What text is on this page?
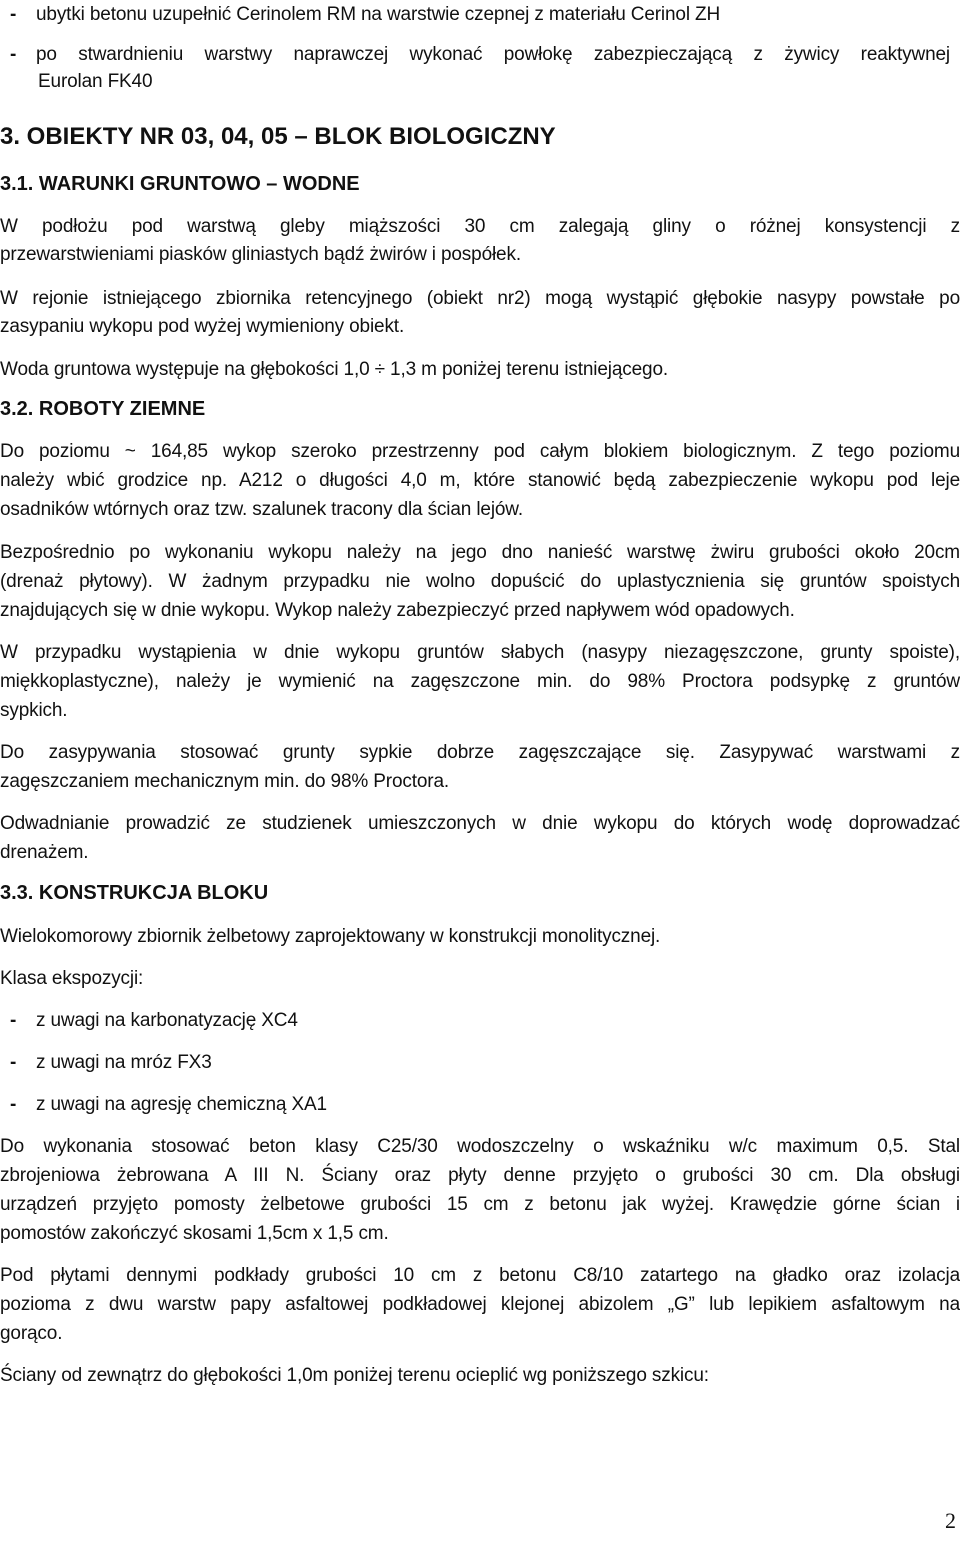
- ubytki betonu uzupełnić Cerinolem RM na warstwie czepnej z materiału Cerinol ZH
- po stwardnieniu warstwy naprawczej wykonać powłokę zabezpieczającą z żywicy reaktywnej
Eurolan FK40
3. OBIEKTY NR 03, 04, 05 – BLOK BIOLOGICZNY
3.1. WARUNKI GRUNTOWO – WODNE
W podłożu pod warstwą gleby miąższości 30 cm zalegają gliny o różnej konsystencji z
przewarstwieniami piasków gliniastych bądź żwirów i pospółek.
W rejonie istniejącego zbiornika retencyjnego (obiekt nr2) mogą wystąpić głębokie nasypy powstałe po
zasypaniu wykopu pod wyżej wymieniony obiekt.
Woda gruntowa występuje na głębokości 1,0 ÷ 1,3 m poniżej terenu istniejącego.
3.2. ROBOTY ZIEMNE
Do poziomu ~ 164,85 wykop szeroko przestrzenny pod całym blokiem biologicznym. Z tego poziomu
należy wbić grodzice np. A212 o długości 4,0 m, które stanowić będą zabezpieczenie wykopu pod leje
osadników wtórnych oraz tzw. szalunek tracony dla ścian lejów.
Bezpośrednio po wykonaniu wykopu należy na jego dno nanieść warstwę żwiru grubości około 20cm
(drenaż płytowy). W żadnym przypadku nie wolno dopuścić do uplastycznienia się gruntów spoistych
znajdujących się w dnie wykopu. Wykop należy zabezpieczyć przed napływem wód opadowych.
W przypadku wystąpienia w dnie wykopu gruntów słabych (nasypy niezagęszczone, grunty spoiste),
miękkoplastyczne), należy je wymienić na zagęszczone min. do 98% Proctora podsypkę z gruntów
sypkich.
Do zasypywania stosować grunty sypkie dobrze zagęszczające się. Zasypywać warstwami z
zagęszczaniem mechanicznym min. do 98% Proctora.
Odwadnianie prowadzić ze studzienek umieszczonych w dnie wykopu do których wodę doprowadzać
drenażem.
3.3. KONSTRUKCJA BLOKU
Wielokomorowy zbiornik żelbetowy zaprojektowany w konstrukcji monolitycznej.
Klasa ekspozycji:
- z uwagi na karbonatyzację XC4
- z uwagi na mróz FX3
- z uwagi na agresję chemiczną XA1
Do wykonania stosować beton klasy C25/30 wodoszczelny o wskaźniku w/c maximum 0,5. Stal
zbrojeniowa żebrowana A III N. Ściany oraz płyty denne przyjęto o grubości 30 cm. Dla obsługi
urządzeń przyjęto pomosty żelbetowe grubości 15 cm z betonu jak wyżej. Krawędzie górne ścian i
pomostów zakończyć skosami 1,5cm x 1,5 cm.
Pod płytami dennymi podkłady grubości 10 cm z betonu C8/10 zatartego na gładko oraz izolacja
pozioma z dwu warstw papy asfaltowej podkładowej klejonej abizolem „G” lub lepikiem asfaltowym na
gorąco.
Ściany od zewnątrz do głębokości 1,0m poniżej terenu ocieplić wg poniższego szkicu:
2
